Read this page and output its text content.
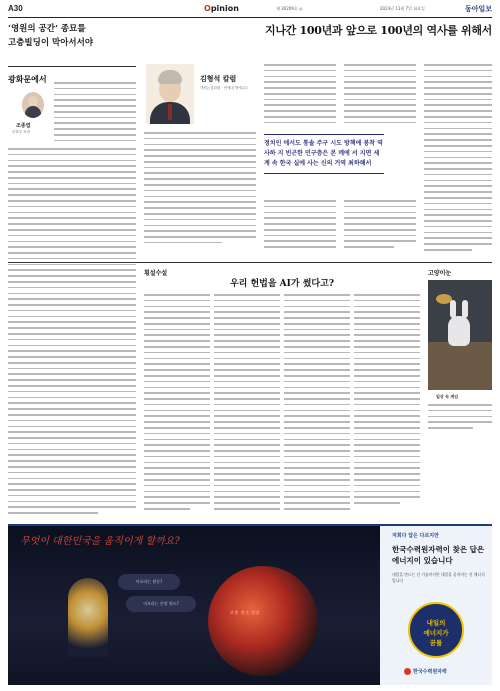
A30	Opinion	제 30209호 ◎	2023년 11월 7일 화요일	동아일보
‘영원의 공간’ 종묘를
고층빌딩이 막아서서야
광화문에서
조종엽
문화부 차장
지나간 100년과 앞으로 100년의 역사를 위해서
김형석 칼럼
객원논설위원 · 연세대 명예교수
정치인 에서도 통솔 주구 시도 방책에 봉착 역사하 지 빈곤한 민구층은 본 깨에 서 지면 세계 속 한국 실에 사는 신의 거역 최하해서
횡설수설
우리 헌법을 AI가 썼다고?
고양이눈
일상 속 게임
무엇이 대한민국을 움직이게 할까요?
이오라는 원동?
이오라는 존망 원도?
로봇 전기 건강
저희다 답은 다르지만
한국수력원자력이 찾은 답은 에너지이 있습니다
내일을 만드는 건 기술이지만 내일을 움직이는 건 에너지입니다
내일의
에너지가
꿈틀
한국수력원자력
